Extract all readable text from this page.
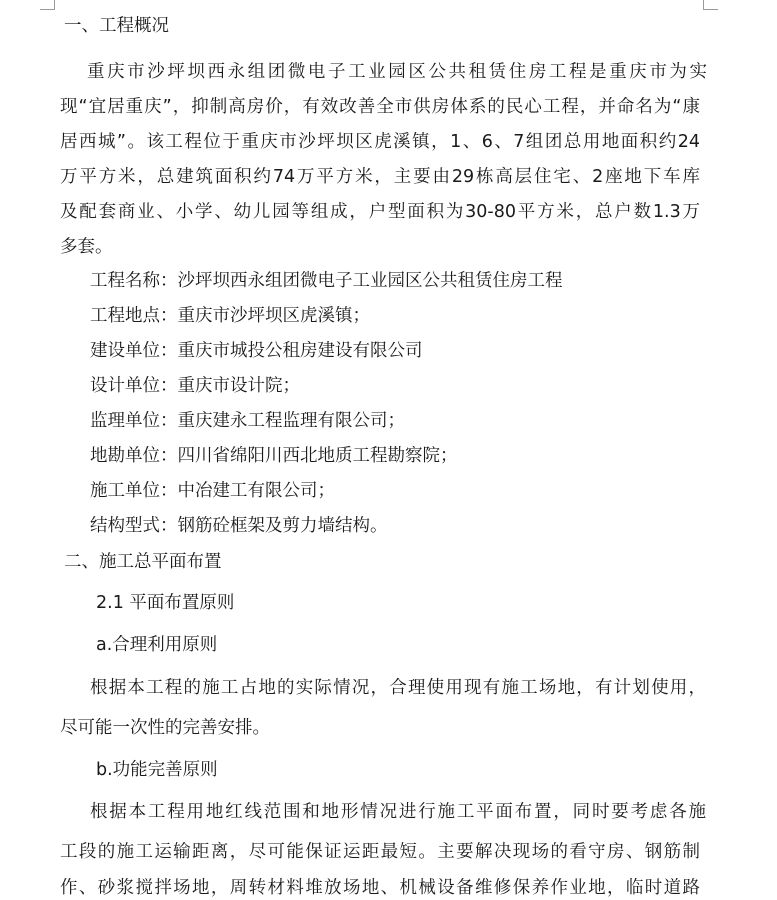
一、工程概况
重庆市沙坪坝西永组团微电子工业园区公共租赁住房工程是重庆市为实
现“宜居重庆”，抑制高房价，有效改善全市供房体系的民心工程，并命名为“康
居西城”。该工程位于重庆市沙坪坝区虎溪镇，1、6、7组团总用地面积约24
万平方米，总建筑面积约74万平方米，主要由29栋高层住宅、2座地下车库
及配套商业、小学、幼儿园等组成，户型面积为30-80平方米，总户数1.3万
多套。
工程名称：沙坪坝西永组团微电子工业园区公共租赁住房工程
工程地点：重庆市沙坪坝区虎溪镇；
建设单位：重庆市城投公租房建设有限公司
设计单位：重庆市设计院；
监理单位：重庆建永工程监理有限公司；
地勘单位：四川省绵阳川西北地质工程勘察院；
施工单位：中冶建工有限公司；
结构型式：钢筋砼框架及剪力墙结构。
二、施工总平面布置
2.1 平面布置原则
a.合理利用原则
根据本工程的施工占地的实际情况，合理使用现有施工场地，有计划使用，
尽可能一次性的完善安排。
b.功能完善原则
根据本工程用地红线范围和地形情况进行施工平面布置，同时要考虑各施
工段的施工运输距离，尽可能保证运距最短。主要解决现场的看守房、钢筋制
作、砂浆搅拌场地，周转材料堆放场地、机械设备维修保养作业地，临时道路
